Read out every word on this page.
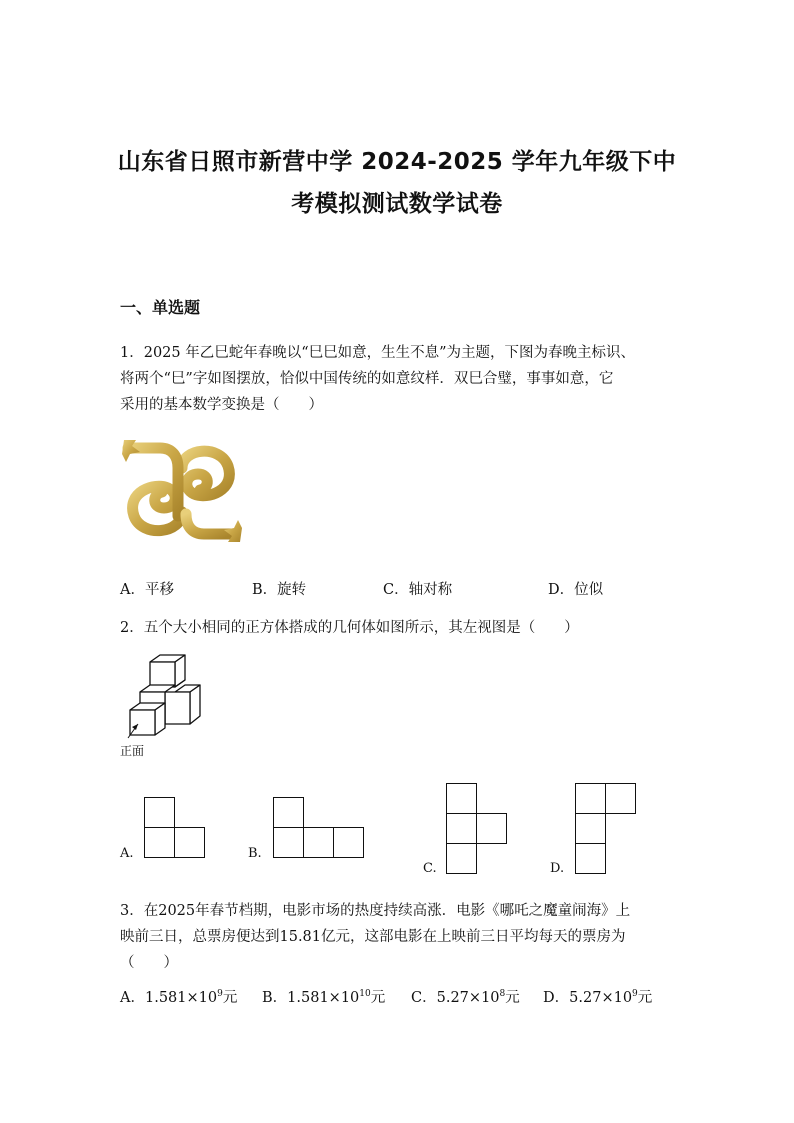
山东省日照市新营中学 2024-2025 学年九年级下中
考模拟测试数学试卷
一、单选题
1．2025 年乙巳蛇年春晚以“巳巳如意，生生不息”为主题，下图为春晚主标识、
将两个“巳”字如图摆放，恰似中国传统的如意纹样．双巳合璧，事事如意，它
采用的基本数学变换是（　　）
A．平移	B．旋转	C．轴对称	D．位似
2．五个大小相同的正方体搭成的几何体如图所示，其左视图是（　　）
正面
A.	B.
C.	D.
3．在2025年春节档期，电影市场的热度持续高涨．电影《哪吒之魔童闹海》上
映前三日，总票房便达到15.81亿元，这部电影在上映前三日平均每天的票房为
（　　）
A．$1.581\times 10^9$元 B．$1.581\times 10^{10}$元 C．$5.27\times 10^8$元 D．$5.27\times 10^9$元
